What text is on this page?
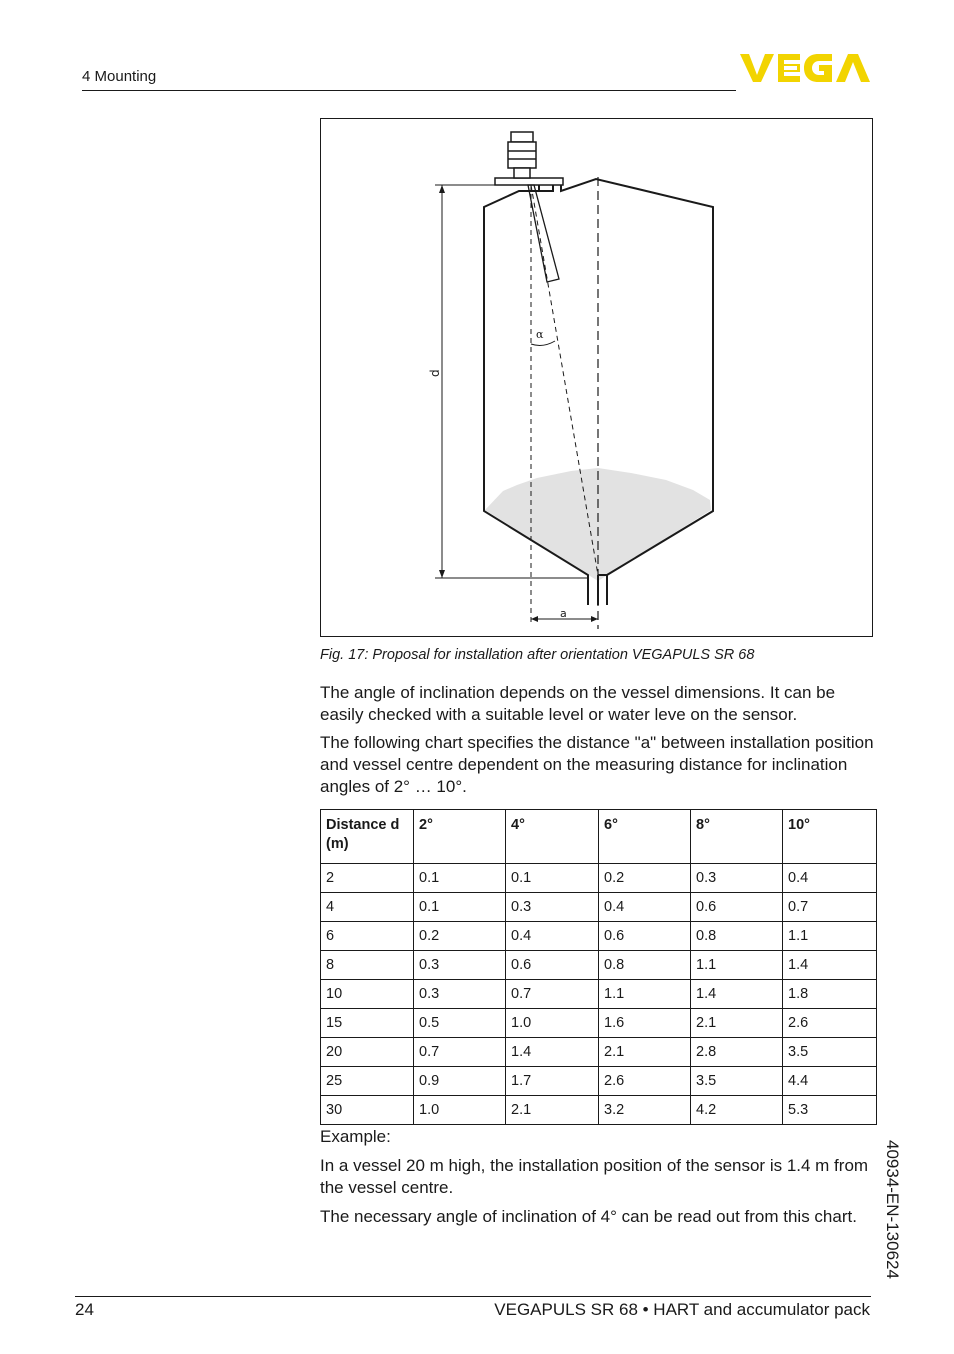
4 Mounting
α
d
a
Fig. 17: Proposal for installation after orientation VEGAPULS SR 68
The angle of inclination depends on the vessel dimensions. It can be easily checked with a suitable level or water leve on the sensor.
The following chart specifies the distance "a" between installation position and vessel centre dependent on the measuring distance for inclination angles of 2° … 10°.
Distance d (m)	2°	4°	6°	8°	10°
2	0.1	0.1	0.2	0.3	0.4
4	0.1	0.3	0.4	0.6	0.7
6	0.2	0.4	0.6	0.8	1.1
8	0.3	0.6	0.8	1.1	1.4
10	0.3	0.7	1.1	1.4	1.8
15	0.5	1.0	1.6	2.1	2.6
20	0.7	1.4	2.1	2.8	3.5
25	0.9	1.7	2.6	3.5	4.4
30	1.0	2.1	3.2	4.2	5.3
Example:
In a vessel 20 m high, the installation position of the sensor is 1.4 m from the vessel centre.
The necessary angle of inclination of 4° can be read out from this chart.	40934-EN-130624
24	VEGAPULS SR 68 • HART and accumulator pack
